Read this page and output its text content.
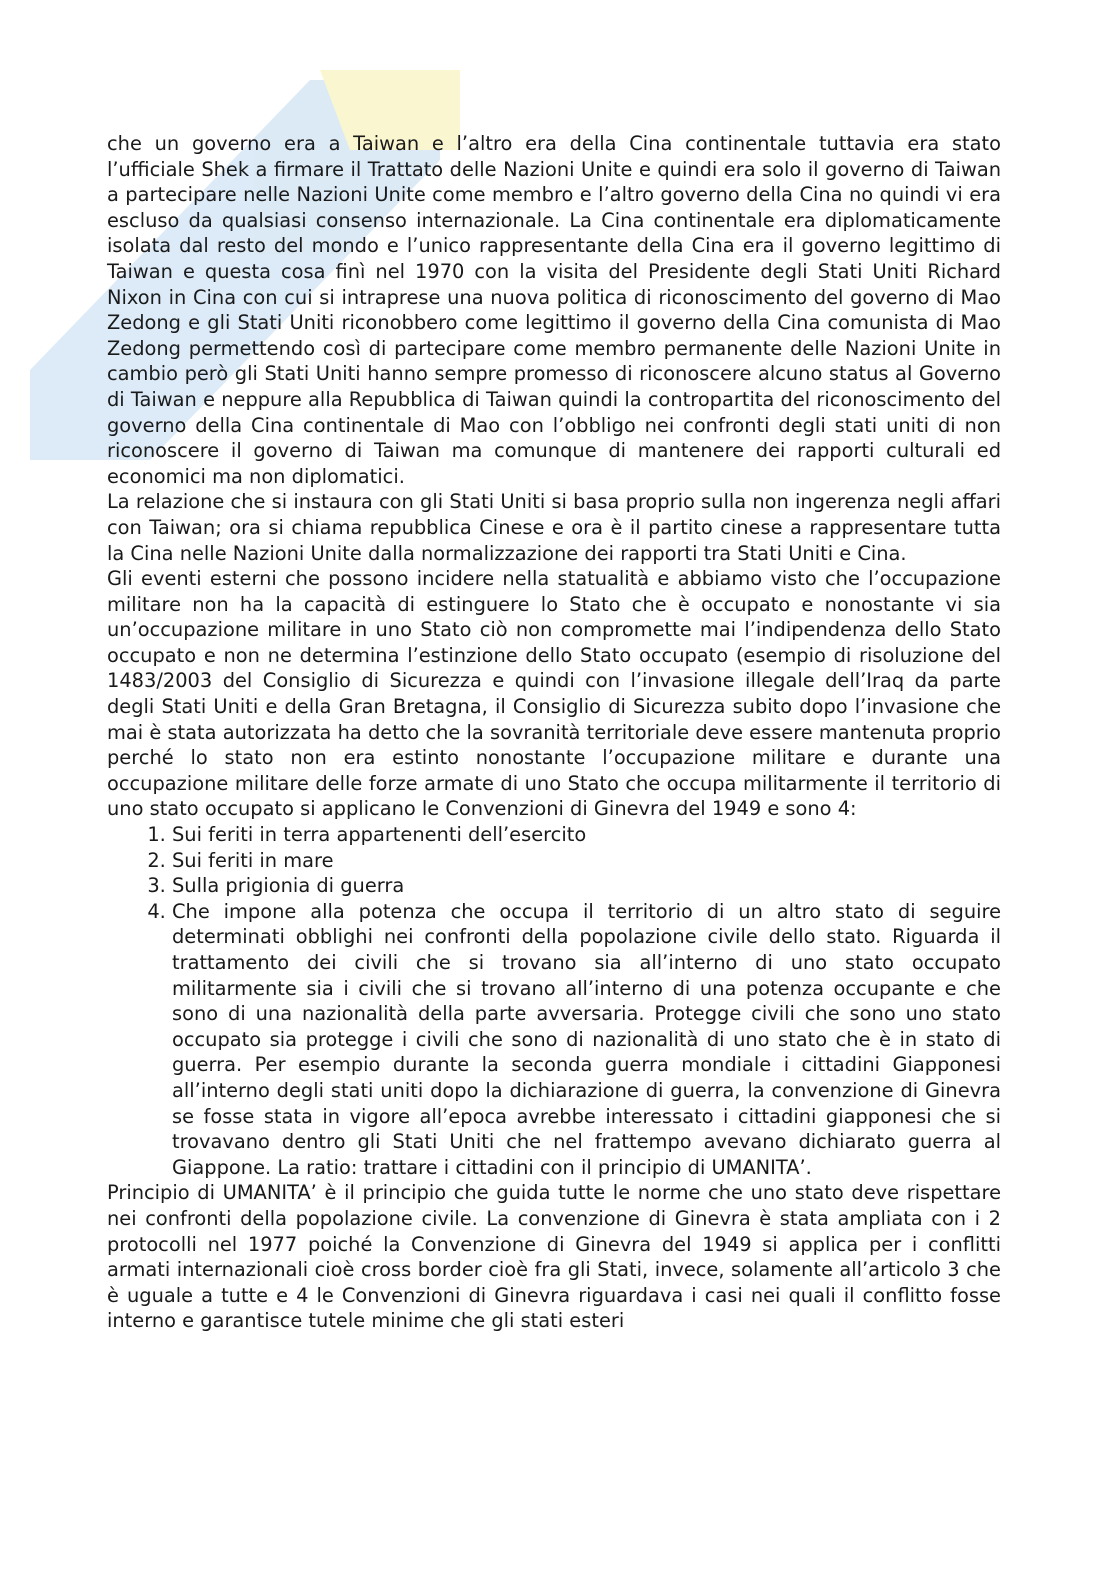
che un governo era a Taiwan e l’altro era della Cina continentale tuttavia era stato l’ufficiale Shek a firmare il Trattato delle Nazioni Unite e quindi era solo il governo di Taiwan a partecipare nelle Nazioni Unite come membro e l’altro governo della Cina no quindi vi era escluso da qualsiasi consenso internazionale. La Cina continentale era diplomaticamente isolata dal resto del mondo e l’unico rappresentante della Cina era il governo legittimo di Taiwan e questa cosa finì nel 1970 con la visita del Presidente degli Stati Uniti Richard Nixon in Cina con cui si intraprese una nuova politica di riconoscimento del governo di Mao Zedong e gli Stati Uniti riconobbero come legittimo il governo della Cina comunista di Mao Zedong permettendo così di partecipare come membro permanente delle Nazioni Unite in cambio però gli Stati Uniti hanno sempre promesso di riconoscere alcuno status al Governo di Taiwan e neppure alla Repubblica di Taiwan quindi la contropartita del riconoscimento del governo della Cina continentale di Mao con l’obbligo nei confronti degli stati uniti di non riconoscere il governo di Taiwan ma comunque di mantenere dei rapporti culturali ed economici ma non diplomatici.

La relazione che si instaura con gli Stati Uniti si basa proprio sulla non ingerenza negli affari con Taiwan; ora si chiama repubblica Cinese e ora è il partito cinese a rappresentare tutta la Cina nelle Nazioni Unite dalla normalizzazione dei rapporti tra Stati Uniti e Cina.

Gli eventi esterni che possono incidere nella statualità e abbiamo visto che l’occupazione militare non ha la capacità di estinguere lo Stato che è occupato e nonostante vi sia un’occupazione militare in uno Stato ciò non compromette mai l’indipendenza dello Stato occupato e non ne determina l’estinzione dello Stato occupato (esempio di risoluzione del 1483/2003 del Consiglio di Sicurezza e quindi con l’invasione illegale dell’Iraq da parte degli Stati Uniti e della Gran Bretagna, il Consiglio di Sicurezza subito dopo l’invasione che mai è stata autorizzata ha detto che la sovranità territoriale deve essere mantenuta proprio perché lo stato non era estinto nonostante l’occupazione militare e durante una occupazione militare delle forze armate di uno Stato che occupa militarmente il territorio di uno stato occupato si applicano le Convenzioni di Ginevra del 1949 e sono 4:

1. Sui feriti in terra appartenenti dell’esercito
2. Sui feriti in mare
3. Sulla prigionia di guerra
4. Che impone alla potenza che occupa il territorio di un altro stato di seguire determinati obblighi nei confronti della popolazione civile dello stato. Riguarda il trattamento dei civili che si trovano sia all’interno di uno stato occupato militarmente sia i civili che si trovano all’interno di una potenza occupante e che sono di una nazionalità della parte avversaria. Protegge civili che sono uno stato occupato sia protegge i civili che sono di nazionalità di uno stato che è in stato di guerra. Per esempio durante la seconda guerra mondiale i cittadini Giapponesi all’interno degli stati uniti dopo la dichiarazione di guerra, la convenzione di Ginevra se fosse stata in vigore all’epoca avrebbe interessato i cittadini giapponesi che si trovavano dentro gli Stati Uniti che nel frattempo avevano dichiarato guerra al Giappone. La ratio: trattare i cittadini con il principio di UMANITA’.

Principio di UMANITA’ è il principio che guida tutte le norme che uno stato deve rispettare nei confronti della popolazione civile. La convenzione di Ginevra è stata ampliata con i 2 protocolli nel 1977 poiché la Convenzione di Ginevra del 1949 si applica per i conflitti armati internazionali cioè cross border cioè fra gli Stati, invece, solamente all’articolo 3 che è uguale a tutte e 4 le Convenzioni di Ginevra riguardava i casi nei quali il conflitto fosse interno e garantisce tutele minime che gli stati esteri
